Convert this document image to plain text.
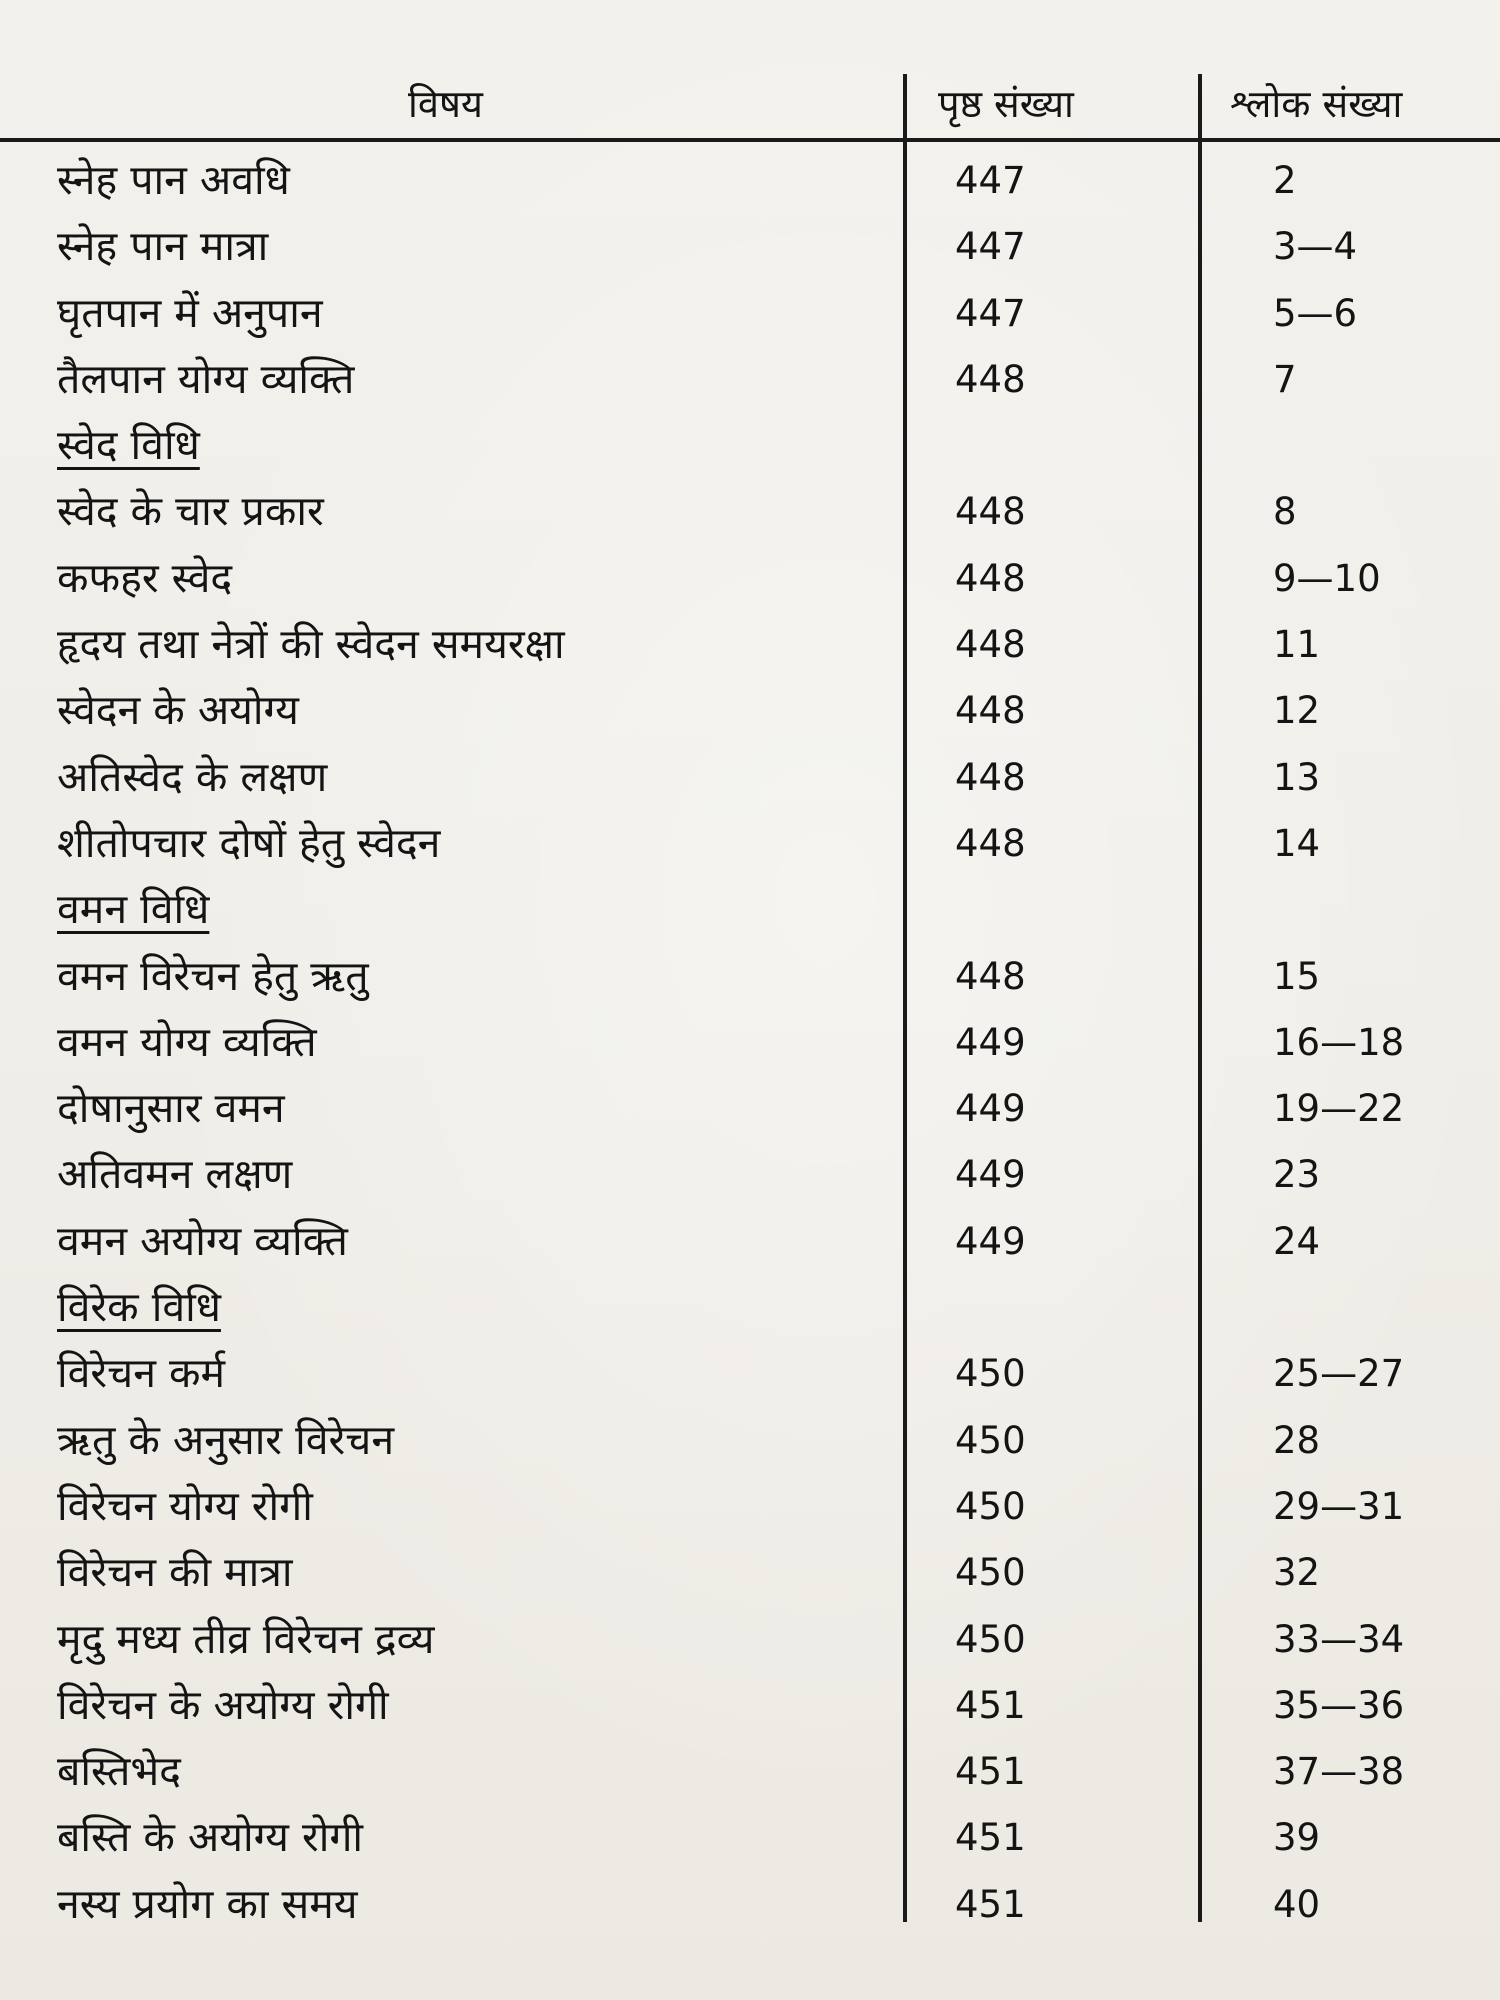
विषय	पृष्ठ संख्या	श्लोक संख्या
स्नेह पान अवधि	447	2
स्नेह पान मात्रा	447	3—4
घृतपान में अनुपान	447	5—6
तैलपान योग्य व्यक्ति	448	7
स्वेद विधि
स्वेद के चार प्रकार	448	8
कफहर स्वेद	448	9—10
हृदय तथा नेत्रों की स्वेदन समयरक्षा	448	11
स्वेदन के अयोग्य	448	12
अतिस्वेद के लक्षण	448	13
शीतोपचार दोषों हेतु स्वेदन	448	14
वमन विधि
वमन विरेचन हेतु ऋतु	448	15
वमन योग्य व्यक्ति	449	16—18
दोषानुसार वमन	449	19—22
अतिवमन लक्षण	449	23
वमन अयोग्य व्यक्ति	449	24
विरेक विधि
विरेचन कर्म	450	25—27
ऋतु के अनुसार विरेचन	450	28
विरेचन योग्य रोगी	450	29—31
विरेचन की मात्रा	450	32
मृदु मध्य तीव्र विरेचन द्रव्य	450	33—34
विरेचन के अयोग्य रोगी	451	35—36
बस्तिभेद	451	37—38
बस्ति के अयोग्य रोगी	451	39
नस्य प्रयोग का समय	451	40
